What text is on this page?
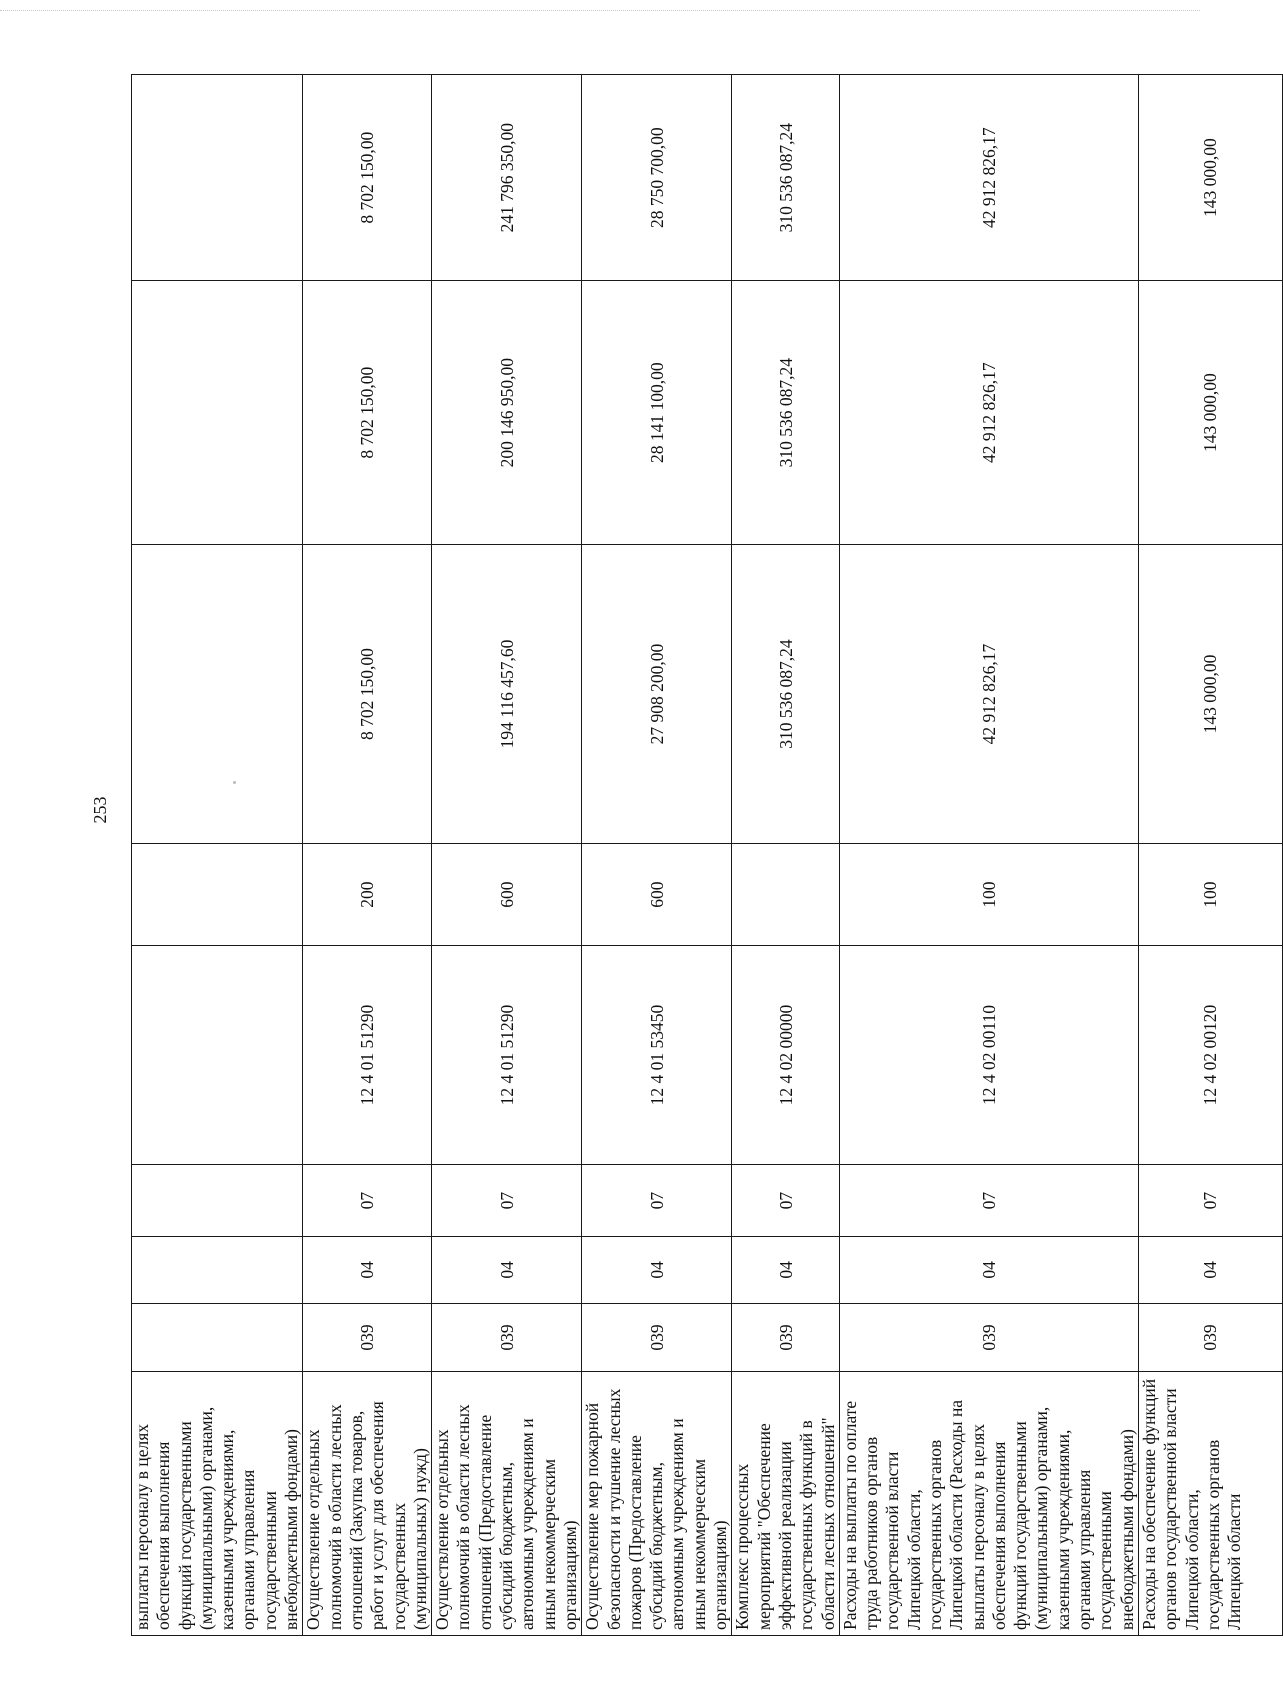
253
выплаты персоналу в целях обеспечения выполнения функций государственными (муниципальными) органами, казенными учреждениями, органами управления государственными внебюджетными фондами)								
Осуществление отдельных полномочий в области лесных отношений (Закупка товаров, работ и услуг для обеспечения государственных (муниципальных) нужд)	039	04	07	12 4 01 51290	200	8 702 150,00	8 702 150,00	8 702 150,00
Осуществление отдельных полномочий в области лесных отношений (Предоставление субсидий бюджетным, автономным учреждениям и иным некоммерческим организациям)	039	04	07	12 4 01 51290	600	194 116 457,60	200 146 950,00	241 796 350,00
Осуществление мер пожарной безопасности и тушение лесных пожаров (Предоставление субсидий бюджетным, автономным учреждениям и иным некоммерческим организациям)	039	04	07	12 4 01 53450	600	27 908 200,00	28 141 100,00	28 750 700,00
Комплекс процессных мероприятий "Обеспечение эффективной реализации государственных функций в области лесных отношений"	039	04	07	12 4 02 00000		310 536 087,24	310 536 087,24	310 536 087,24
Расходы на выплаты по оплате труда работников органов государственной власти Липецкой области, государственных органов Липецкой области (Расходы на выплаты персоналу в целях обеспечения выполнения функций государственными (муниципальными) органами, казенными учреждениями, органами управления государственными внебюджетными фондами)	039	04	07	12 4 02 00110	100	42 912 826,17	42 912 826,17	42 912 826,17
Расходы на обеспечение функций органов государственной власти Липецкой области, государственных органов Липецкой области	039	04	07	12 4 02 00120	100	143 000,00	143 000,00	143 000,00
